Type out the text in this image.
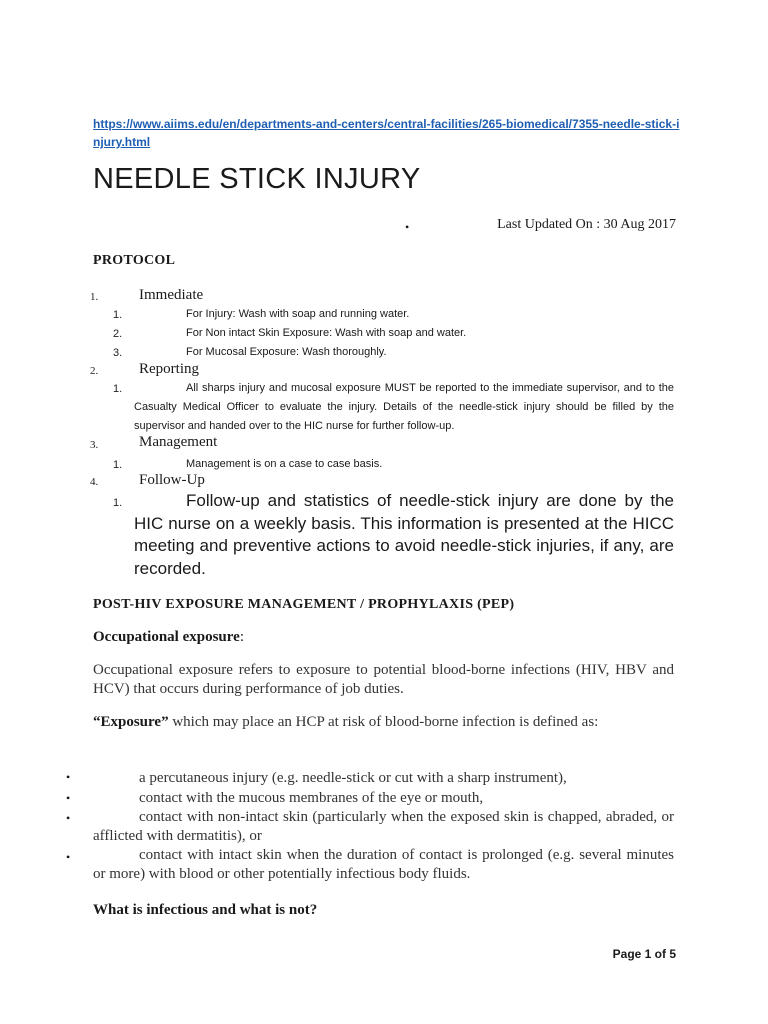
https://www.aiims.edu/en/departments-and-centers/central-facilities/265-biomedical/7355-needle-stick-injury.html
NEEDLE STICK INJURY
•	Last Updated On : 30 Aug 2017
PROTOCOL
1.	Immediate
1.	For Injury: Wash with soap and running water.
2.	For Non intact Skin Exposure: Wash with soap and water.
3.	For Mucosal Exposure: Wash thoroughly.
2.	Reporting
1.	All sharps injury and mucosal exposure MUST be reported to the immediate supervisor, and to the Casualty Medical Officer to evaluate the injury. Details of the needle-stick injury should be filled by the supervisor and handed over to the HIC nurse for further follow-up.

3.	Management
1.	Management is on a case to case basis.
4.	Follow-Up
1.	Follow-up and statistics of needle-stick injury are done by the HIC nurse on a weekly basis. This information is presented at the HICC meeting and preventive actions to avoid needle-stick injuries, if any, are recorded.

POST-HIV EXPOSURE MANAGEMENT / PROPHYLAXIS (PEP)
Occupational exposure:

Occupational exposure refers to exposure to potential blood-borne infections (HIV, HBV and HCV) that occurs during performance of job duties.

“Exposure” which may place an HCP at risk of blood-borne infection is defined as:

•	a percutaneous injury (e.g. needle-stick or cut with a sharp instrument),

•	contact with the mucous membranes of the eye or mouth,

•	contact with non-intact skin (particularly when the exposed skin is chapped, abraded, or afflicted with dermatitis), or

•	contact with intact skin when the duration of contact is prolonged (e.g. several minutes or more) with blood or other potentially infectious body fluids.

What is infectious and what is not?
Page 1 of 5
